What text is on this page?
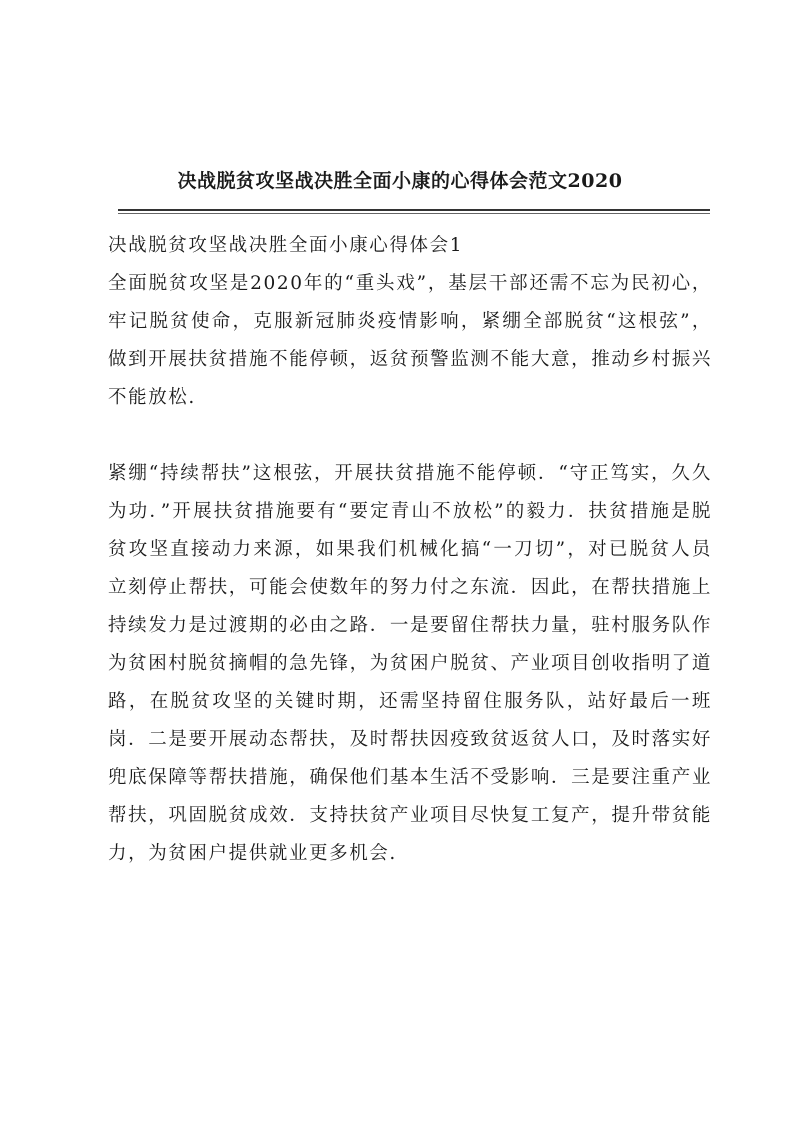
决战脱贫攻坚战决胜全面小康的心得体会范文2020

决战脱贫攻坚战决胜全面小康心得体会1

全面脱贫攻坚是2020年的“重头戏”，基层干部还需不忘为民初心，牢记脱贫使命，克服新冠肺炎疫情影响，紧绷全部脱贫“这根弦”，做到开展扶贫措施不能停顿，返贫预警监测不能大意，推动乡村振兴不能放松.

紧绷“持续帮扶”这根弦，开展扶贫措施不能停顿．“守正笃实，久久为功．”开展扶贫措施要有“要定青山不放松”的毅力．扶贫措施是脱贫攻坚直接动力来源，如果我们机械化搞“一刀切”，对已脱贫人员立刻停止帮扶，可能会使数年的努力付之东流．因此，在帮扶措施上持续发力是过渡期的必由之路．一是要留住帮扶力量，驻村服务队作为贫困村脱贫摘帽的急先锋，为贫困户脱贫、产业项目创收指明了道路，在脱贫攻坚的关键时期，还需坚持留住服务队，站好最后一班岗．二是要开展动态帮扶，及时帮扶因疫致贫返贫人口，及时落实好兜底保障等帮扶措施，确保他们基本生活不受影响．三是要注重产业帮扶，巩固脱贫成效．支持扶贫产业项目尽快复工复产，提升带贫能力，为贫困户提供就业更多机会.
